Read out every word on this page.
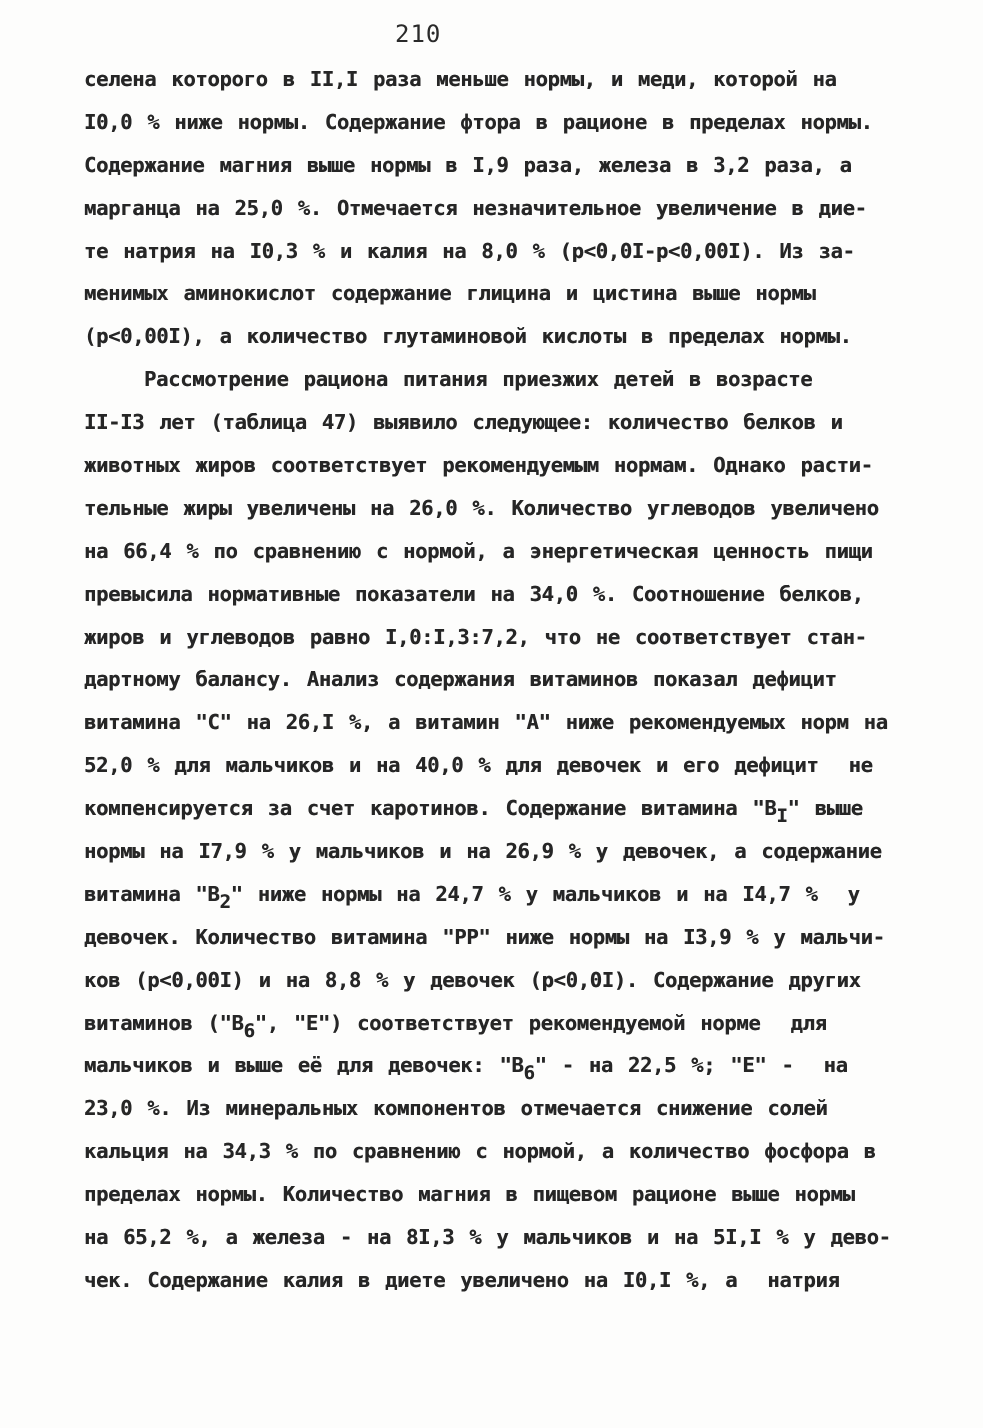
210
селена которого в II,I раза меньше нормы, и меди, которой на
I0,0 % ниже нормы. Содержание фтора в рационе в пределах нормы.
Содержание магния выше нормы в I,9 раза, железа в 3,2 раза, а
марганца на 25,0 %. Отмечается незначительное увеличение в дие-
те натрия на I0,3 % и калия на 8,0 % (p<0,0I-p<0,00I). Из за-
менимых аминокислот содержание глицина и цистина выше нормы
(p<0,00I), а количество глутаминовой кислоты в пределах нормы.
Рассмотрение рациона питания приезжих детей в возрасте
II-I3 лет (таблица 47) выявило следующее: количество белков и
животных жиров соответствует рекомендуемым нормам. Однако расти-
тельные жиры увеличены на 26,0 %. Количество углеводов увеличено
на 66,4 % по сравнению с нормой, а энергетическая ценность пищи
превысила нормативные показатели на 34,0 %. Соотношение белков,
жиров и углеводов равно I,0:I,3:7,2, что не соответствует стан-
дартному балансу. Анализ содержания витаминов показал дефицит
витамина "C" на 26,I %, а витамин "A" ниже рекомендуемых норм на
52,0 % для мальчиков и на 40,0 % для девочек и его дефицит  не
компенсируется за счет каротинов. Содержание витамина "BI" выше
нормы на I7,9 % у мальчиков и на 26,9 % у девочек, а содержание
витамина "B2" ниже нормы на 24,7 % у мальчиков и на I4,7 %  у
девочек. Количество витамина "PP" ниже нормы на I3,9 % у мальчи-
ков (p<0,00I) и на 8,8 % у девочек (p<0,0I). Содержание других
витаминов ("B6", "E") соответствует рекомендуемой норме  для
мальчиков и выше её для девочек: "B6" - на 22,5 %; "E" -  на
23,0 %. Из минеральных компонентов отмечается снижение солей
кальция на 34,3 % по сравнению с нормой, а количество фосфора в
пределах нормы. Количество магния в пищевом рационе выше нормы
на 65,2 %, а железа - на 8I,3 % у мальчиков и на 5I,I % у дево-
чек. Содержание калия в диете увеличено на I0,I %, а  натрия
